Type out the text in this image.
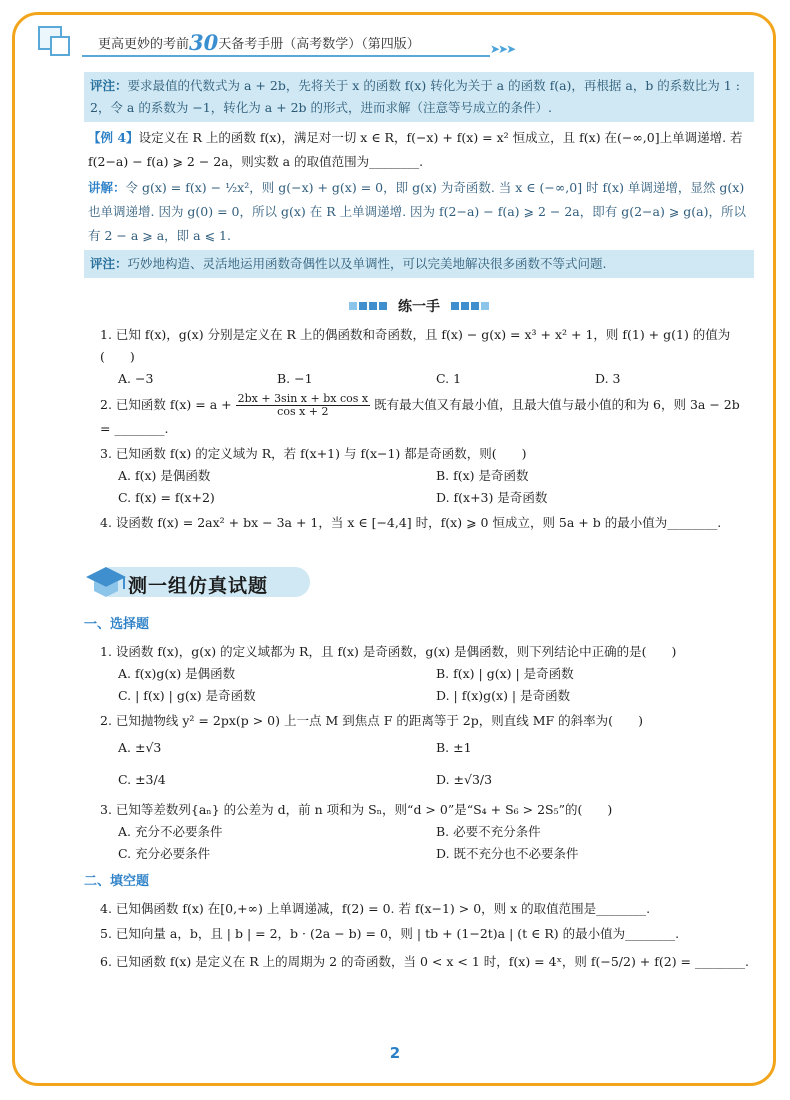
更高更妙的考前30天备考手册（高考数学）（第四版）	➤➤➤
评注：要求最值的代数式为 a + 2b，先将关于 x 的函数 f(x) 转化为关于 a 的函数 f(a)，再根据 a，b 的系数比为 1 : 2，令 a 的系数为 −1，转化为 a + 2b 的形式，进而求解（注意等号成立的条件）.
【例 4】设定义在 R 上的函数 f(x)，满足对一切 x ∈ R，f(−x) + f(x) = x² 恒成立，且 f(x) 在(−∞,0]上单调递增. 若 f(2−a) − f(a) ⩾ 2 − 2a，则实数 a 的取值范围为________.
讲解：令 g(x) = f(x) − ½x²，则 g(−x) + g(x) = 0，即 g(x) 为奇函数. 当 x ∈ (−∞,0] 时 f(x) 单调递增，显然 g(x) 也单调递增. 因为 g(0) = 0，所以 g(x) 在 R 上单调递增. 因为 f(2−a) − f(a) ⩾ 2 − 2a，即有 g(2−a) ⩾ g(a)，所以有 2 − a ⩾ a，即 a ⩽ 1.
评注：巧妙地构造、灵活地运用函数奇偶性以及单调性，可以完美地解决很多函数不等式问题.
练一手
1. 已知 f(x)，g(x) 分别是定义在 R 上的偶函数和奇函数，且 f(x) − g(x) = x³ + x² + 1，则 f(1) + g(1) 的值为(　　)
A. −3	B. −1	C. 1	D. 3
2. 已知函数 $f(x) = a + \frac{\text{2bx + 3sin x + bx cos x}}{\text{cos x + 2}}$ 既有最大值又有最小值，且最大值与最小值的和为 6，则 3a − 2b = ________.
3. 已知函数 f(x) 的定义域为 R，若 f(x+1) 与 f(x−1) 都是奇函数，则(　　)
A. f(x) 是偶函数	B. f(x) 是奇函数
C. f(x) = f(x+2)	D. f(x+3) 是奇函数
4. 设函数 f(x) = 2ax² + bx − 3a + 1，当 x ∈ [−4,4] 时，f(x) ⩾ 0 恒成立，则 5a + b 的最小值为________.
测一组仿真试题
一、选择题
1. 设函数 f(x)，g(x) 的定义域都为 R，且 f(x) 是奇函数，g(x) 是偶函数，则下列结论中正确的是(　　)
A. f(x)g(x) 是偶函数	B. f(x) | g(x) | 是奇函数
C. | f(x) | g(x) 是奇函数	D. | f(x)g(x) | 是奇函数
2. 已知抛物线 y² = 2px(p > 0) 上一点 M 到焦点 F 的距离等于 2p，则直线 MF 的斜率为(　　)
A. ±√3	B. ±1
C. ±3/4	D. ±√3/3
3. 已知等差数列{aₙ} 的公差为 d，前 n 项和为 Sₙ，则“d > 0”是“S₄ + S₆ > 2S₅”的(　　)
A. 充分不必要条件	B. 必要不充分条件
C. 充分必要条件	D. 既不充分也不必要条件
二、填空题
4. 已知偶函数 f(x) 在[0,+∞) 上单调递减，f(2) = 0. 若 f(x−1) > 0，则 x 的取值范围是________.
5. 已知向量 a，b，且 | b | = 2，b · (2a − b) = 0，则 | tb + (1−2t)a | (t ∈ R) 的最小值为________.
6. 已知函数 f(x) 是定义在 R 上的周期为 2 的奇函数，当 0 < x < 1 时，f(x) = 4ˣ，则 f(−5/2) + f(2) = ________.
2
